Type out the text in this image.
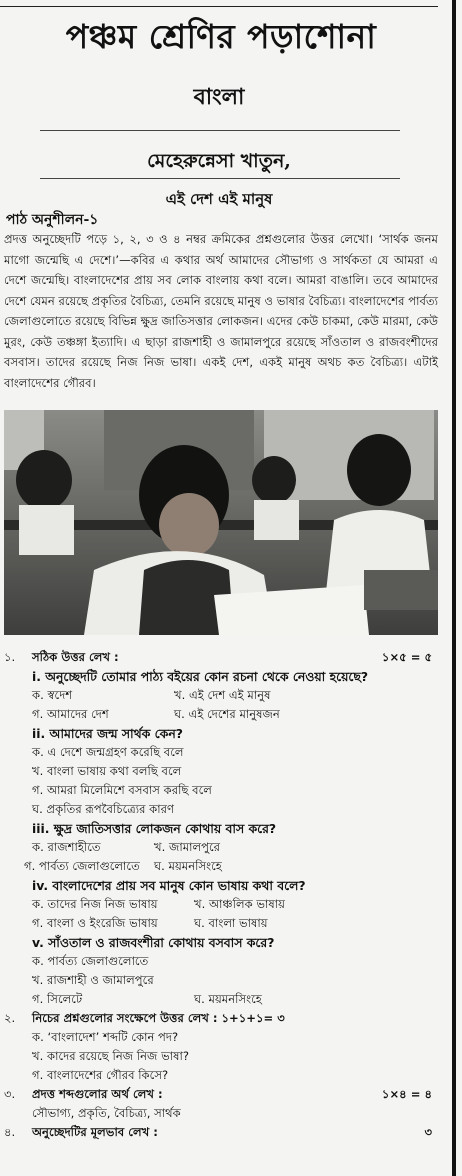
পঞ্চম শ্রেণির পড়াশোনা
বাংলা
মেহেরুন্নেসা খাতুন,
এই দেশ এই মানুষ
পাঠ অনুশীলন-১
প্রদত্ত অনুচ্ছেদটি পড়ে ১, ২, ৩ ও ৪ নম্বর ক্রমিকের প্রশ্নগুলোর উত্তর লেখো। ‘সার্থক জনম মাগো জন্মেছি এ দেশে।’—কবির এ কথার অর্থ আমাদের সৌভাগ্য ও সার্থকতা যে আমরা এ দেশে জন্মেছি। বাংলাদেশের প্রায় সব লোক বাংলায় কথা বলে। আমরা বাঙালি। তবে আমাদের দেশে যেমন রয়েছে প্রকৃতির বৈচিত্র্য, তেমনি রয়েছে মানুষ ও ভাষার বৈচিত্র্য। বাংলাদেশের পার্বত্য জেলাগুলোতে রয়েছে বিভিন্ন ক্ষুদ্র জাতিসত্তার লোকজন। এদের কেউ চাকমা, কেউ মারমা, কেউ মুরং, কেউ তঞ্চঙ্গা ইত্যাদি। এ ছাড়া রাজশাহী ও জামালপুরে রয়েছে সাঁওতাল ও রাজবংশীদের বসবাস। তাদের রয়েছে নিজ নিজ ভাষা। একই দেশ, একই মানুষ অথচ কত বৈচিত্র্য। এটাই বাংলাদেশের গৌরব।
১.	সঠিক উত্তর লেখ :	১×৫ = ৫
i. অনুচ্ছেদটি তোমার পাঠ্য বইয়ের কোন রচনা থেকে নেওয়া হয়েছে?
ক. স্বদেশ	খ. এই দেশ এই মানুষ
গ. আমাদের দেশ	ঘ. এই দেশের মানুষজন
ii. আমাদের জন্ম সার্থক কেন?
ক. এ দেশে জন্মগ্রহণ করেছি বলে
খ. বাংলা ভাষায় কথা বলছি বলে
গ. আমরা মিলেমিশে বসবাস করছি বলে
ঘ. প্রকৃতির রূপবৈচিত্র্যের কারণ
iii. ক্ষুদ্র জাতিসত্তার লোকজন কোথায় বাস করে?
ক. রাজশাহীতে	খ. জামালপুরে
গ. পার্বত্য জেলাগুলোতে ঘ. ময়মনসিংহে
iv. বাংলাদেশের প্রায় সব মানুষ কোন ভাষায় কথা বলে?
ক. তাদের নিজ নিজ ভাষায়	খ. আঞ্চলিক ভাষায়
গ. বাংলা ও ইংরেজি ভাষায়	ঘ. বাংলা ভাষায়
v. সাঁওতাল ও রাজবংশীরা কোথায় বসবাস করে?
ক. পার্বত্য জেলাগুলোতে
খ. রাজশাহী ও জামালপুরে
গ. সিলেটে	ঘ. ময়মনসিংহে
২.	নিচের প্রশ্নগুলোর সংক্ষেপে উত্তর লেখ : ১+১+১= ৩
ক. ‘বাংলাদেশ’ শব্দটি কোন পদ?
খ. কাদের রয়েছে নিজ নিজ ভাষা?
গ. বাংলাদেশের গৌরব কিসে?
৩.	প্রদত্ত শব্দগুলোর অর্থ লেখ :	১×৪ = ৪
সৌভাগ্য, প্রকৃতি, বৈচিত্র্য, সার্থক
৪.	অনুচ্ছেদটির মূলভাব লেখ :	৩
